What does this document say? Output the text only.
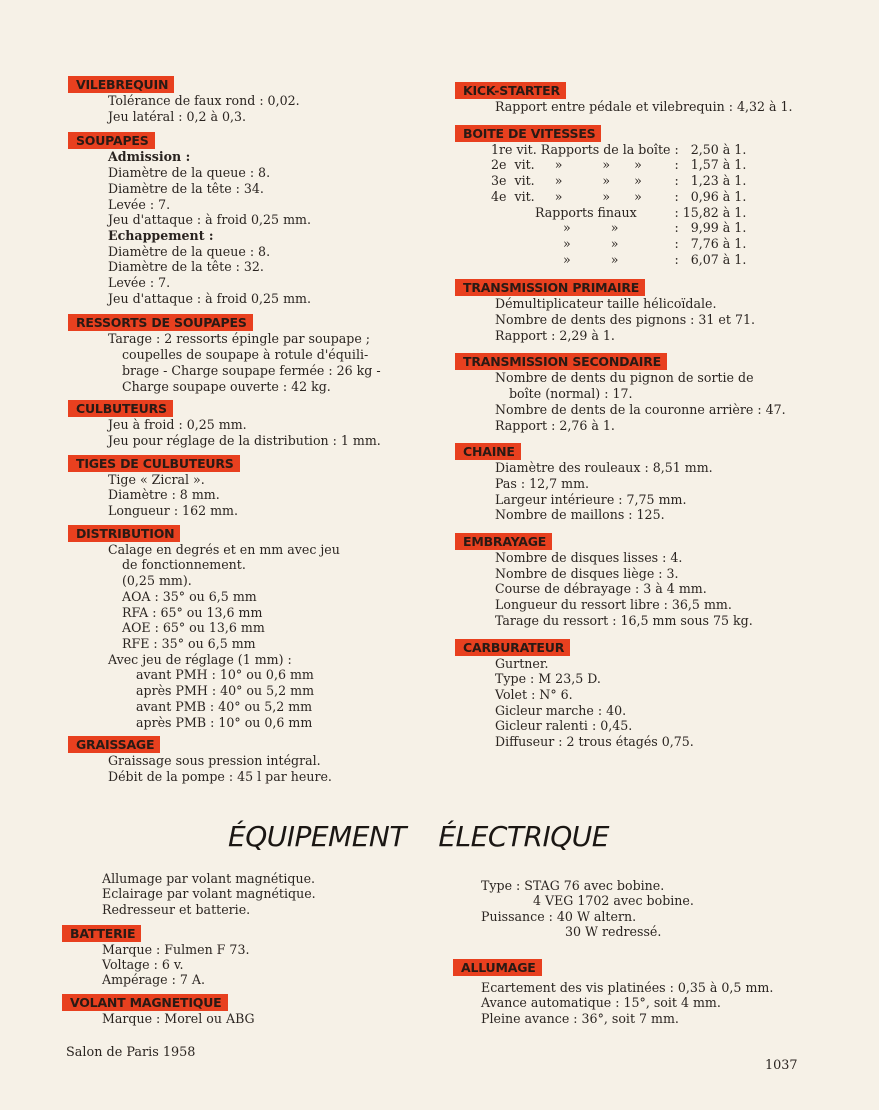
VILEBREQUIN
Tolérance de faux rond : 0,02.
Jeu latéral : 0,2 à 0,3.
SOUPAPES
Admission :
Diamètre de la queue : 8.
Diamètre de la tête : 34.
Levée : 7.
Jeu d'attaque : à froid 0,25 mm.
Echappement :
Diamètre de la queue : 8.
Diamètre de la tête : 32.
Levée : 7.
Jeu d'attaque : à froid 0,25 mm.
RESSORTS DE SOUPAPES
Tarage : 2 ressorts épingle par soupape ;
coupelles de soupape à rotule d'équili-
brage - Charge soupape fermée : 26 kg -
Charge soupape ouverte : 42 kg.
CULBUTEURS
Jeu à froid : 0,25 mm.
Jeu pour réglage de la distribution : 1 mm.
TIGES DE CULBUTEURS
Tige « Zicral ».
Diamètre : 8 mm.
Longueur : 162 mm.
DISTRIBUTION
Calage en degrés et en mm avec jeu
de fonctionnement.
(0,25 mm).
AOA : 35° ou 6,5 mm
RFA : 65° ou 13,6 mm
AOE : 65° ou 13,6 mm
RFE : 35° ou 6,5 mm
Avec jeu de réglage (1 mm) :
avant PMH : 10° ou 0,6 mm
après PMH : 40° ou 5,2 mm
avant PMB : 40° ou 5,2 mm
après PMB : 10° ou 0,6 mm
GRAISSAGE
Graissage sous pression intégral.
Débit de la pompe : 45 l par heure.
KICK-STARTER
Rapport entre pédale et vilebrequin : 4,32 à 1.
BOITE DE VITESSES
1re vit. Rapports de la boîte	:	2,50 à 1.
2e  vit.     »          »      »	:	1,57 à 1.
3e  vit.     »          »      »	:	1,23 à 1.
4e  vit.     »          »      »	:	0,96 à 1.
Rapports finaux	:	15,82 à 1.
»          »	:	9,99 à 1.
»          »	:	7,76 à 1.
»          »	:	6,07 à 1.
TRANSMISSION PRIMAIRE
Démultiplicateur taille hélicoïdale.
Nombre de dents des pignons : 31 et 71.
Rapport : 2,29 à 1.
TRANSMISSION SECONDAIRE
Nombre de dents du pignon de sortie de
boîte (normal) : 17.
Nombre de dents de la couronne arrière : 47.
Rapport : 2,76 à 1.
CHAINE
Diamètre des rouleaux : 8,51 mm.
Pas : 12,7 mm.
Largeur intérieure : 7,75 mm.
Nombre de maillons : 125.
EMBRAYAGE
Nombre de disques lisses : 4.
Nombre de disques liège : 3.
Course de débrayage : 3 à 4 mm.
Longueur du ressort libre : 36,5 mm.
Tarage du ressort : 16,5 mm sous 75 kg.
CARBURATEUR
Gurtner.
Type : M 23,5 D.
Volet : N° 6.
Gicleur marche : 40.
Gicleur ralenti : 0,45.
Diffuseur : 2 trous étagés 0,75.
ÉQUIPEMENT ÉLECTRIQUE
Allumage par volant magnétique.
Eclairage par volant magnétique.
Redresseur et batterie.
BATTERIE
Marque : Fulmen F 73.
Voltage : 6 v.
Ampérage : 7 A.
VOLANT MAGNETIQUE
Marque : Morel ou ABG
Type : STAG 76 avec bobine.
4 VEG 1702 avec bobine.
Puissance : 40 W altern.
30 W redressé.
ALLUMAGE
Ecartement des vis platinées : 0,35 à 0,5 mm.
Avance automatique : 15°, soit 4 mm.
Pleine avance : 36°, soit 7 mm.
Salon de Paris 1958
1037
